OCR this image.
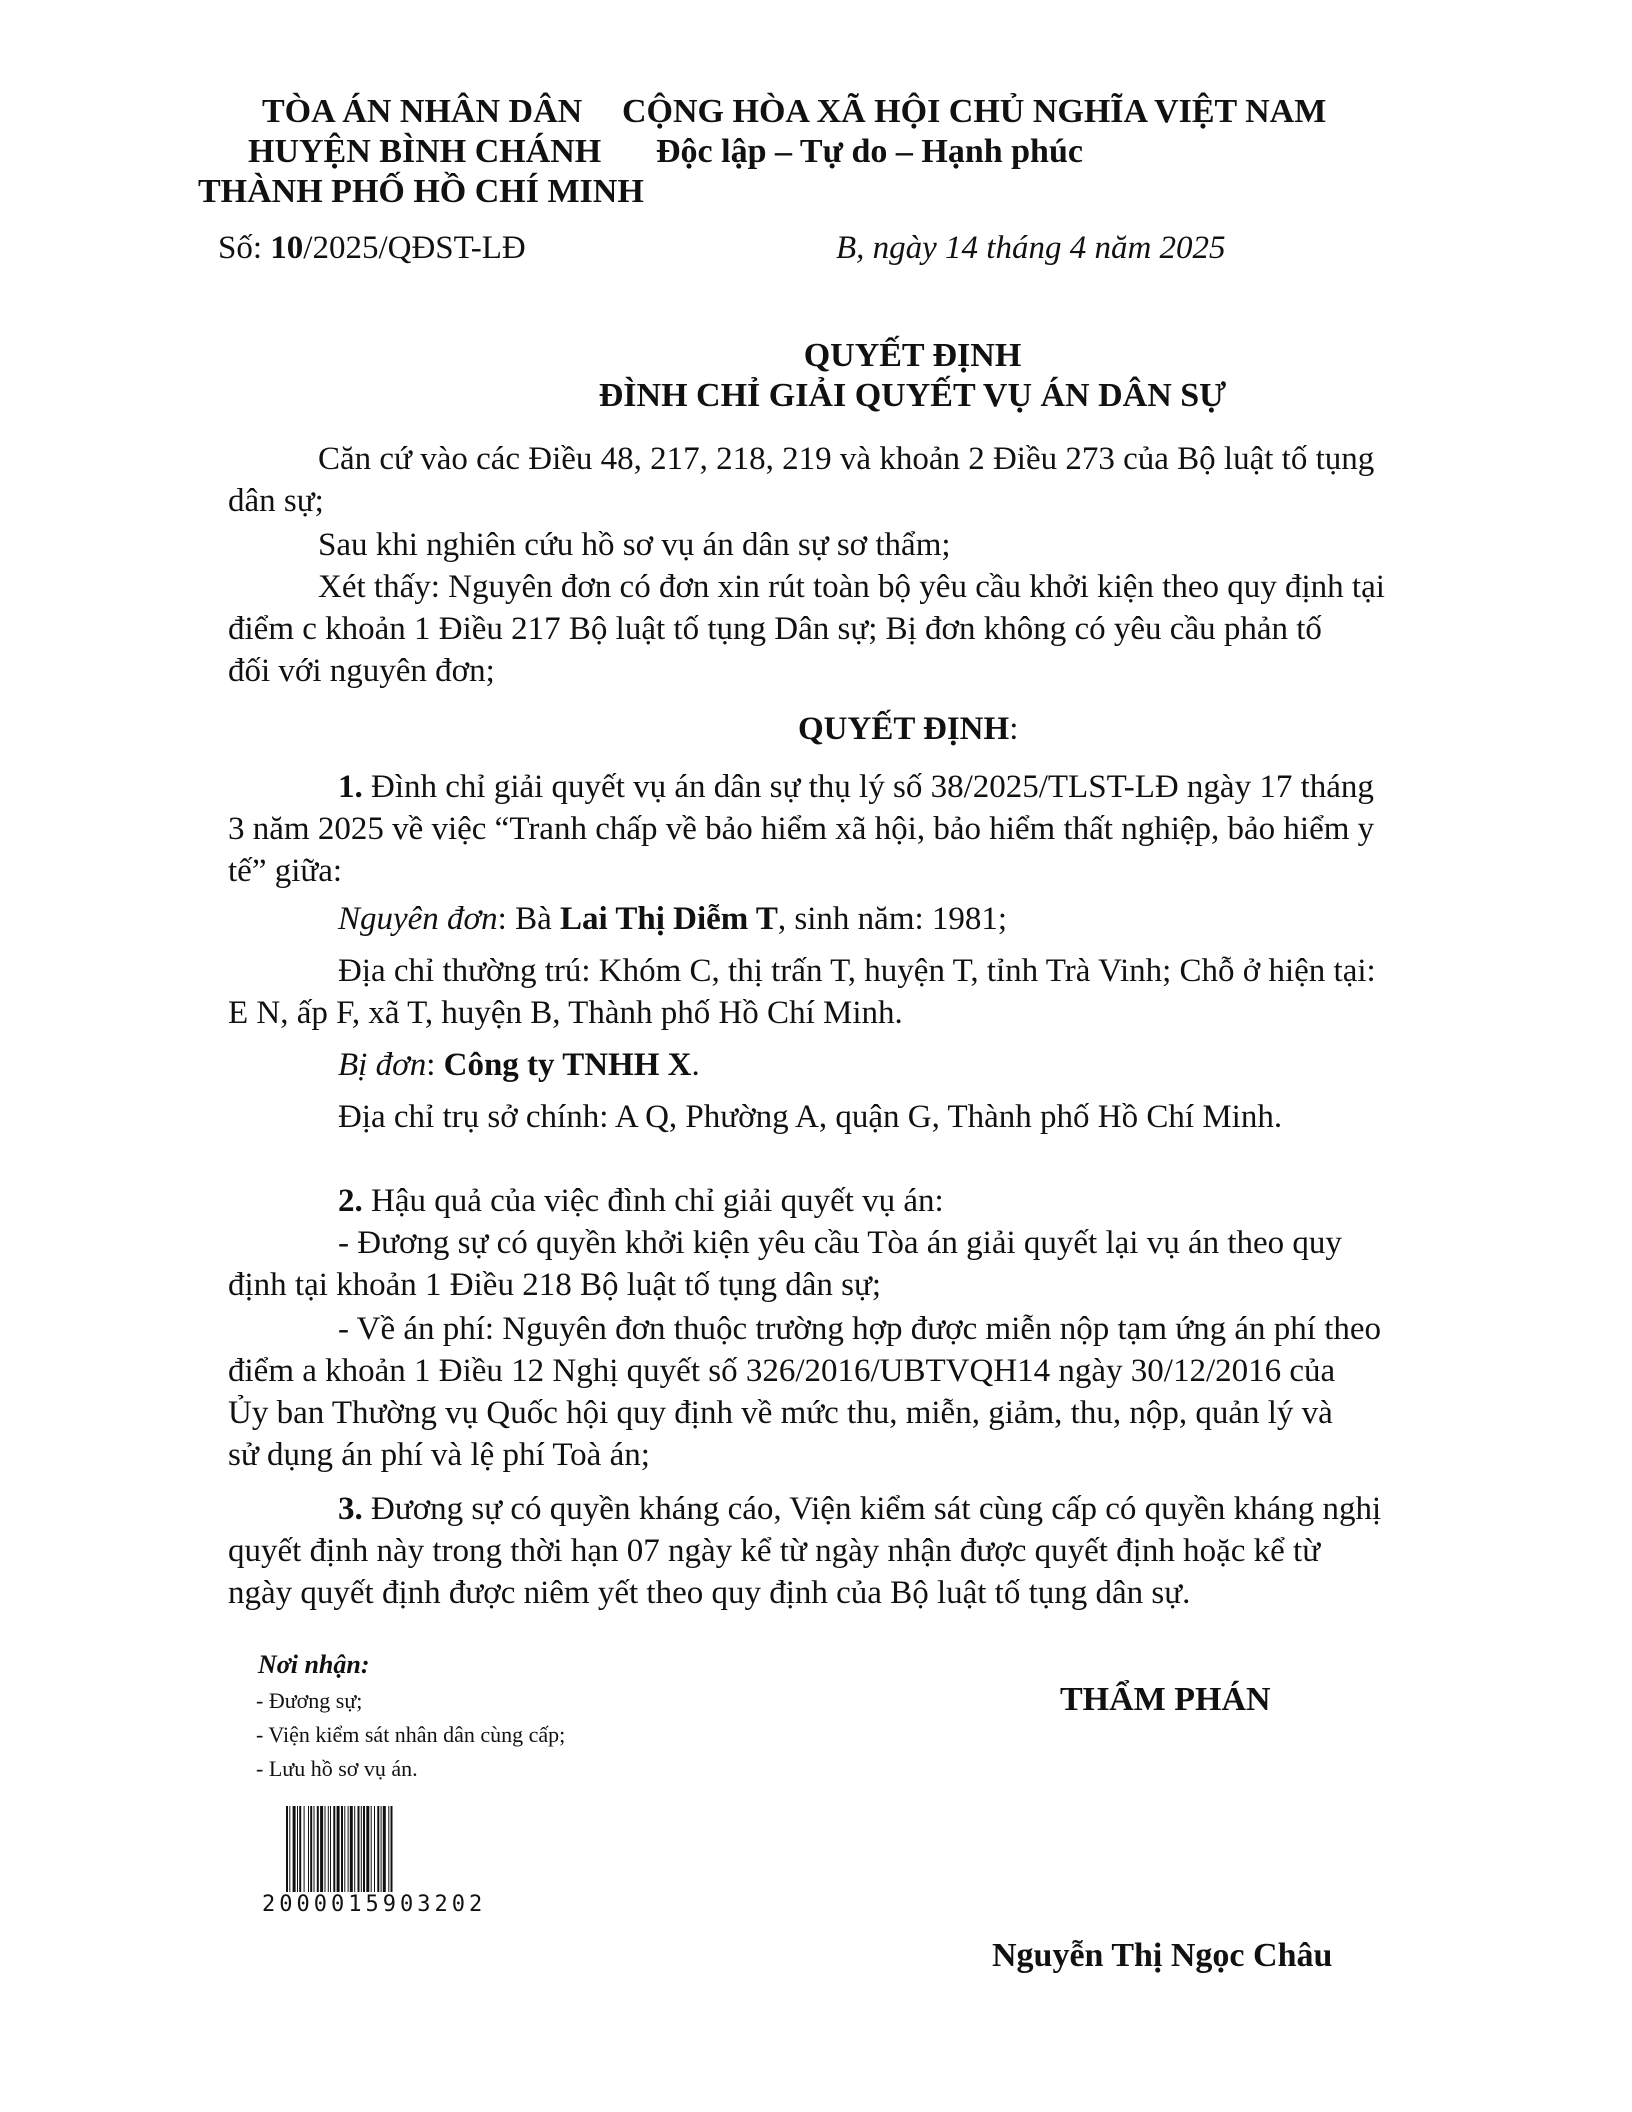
TÒA ÁN NHÂN DÂN
HUYỆN BÌNH CHÁNH
THÀNH PHỐ HỒ CHÍ MINH
CỘNG HÒA XÃ HỘI CHỦ NGHĨA VIỆT NAM
Độc lập – Tự do – Hạnh phúc
Số: 10/2025/QĐST-LĐ	B, ngày 14 tháng 4 năm 2025
QUYẾT ĐỊNH
ĐÌNH CHỈ GIẢI QUYẾT VỤ ÁN DÂN SỰ
Căn cứ vào các Điều 48, 217, 218, 219 và khoản 2 Điều 273 của Bộ luật tố tụng
dân sự;
Sau khi nghiên cứu hồ sơ vụ án dân sự sơ thẩm;
Xét thấy: Nguyên đơn có đơn xin rút toàn bộ yêu cầu khởi kiện theo quy định tại
điểm c khoản 1 Điều 217 Bộ luật tố tụng Dân sự; Bị đơn không có yêu cầu phản tố
đối với nguyên đơn;
QUYẾT ĐỊNH:
1. Đình chỉ giải quyết vụ án dân sự thụ lý số 38/2025/TLST-LĐ ngày 17 tháng
3 năm 2025 về việc “Tranh chấp về bảo hiểm xã hội, bảo hiểm thất nghiệp, bảo hiểm y
tế” giữa:
Nguyên đơn: Bà Lai Thị Diễm T, sinh năm: 1981;
Địa chỉ thường trú: Khóm C, thị trấn T, huyện T, tỉnh Trà Vinh; Chỗ ở hiện tại:
E N, ấp F, xã T, huyện B, Thành phố Hồ Chí Minh.
Bị đơn: Công ty TNHH X.
Địa chỉ trụ sở chính: A Q, Phường A, quận G, Thành phố Hồ Chí Minh.
2. Hậu quả của việc đình chỉ giải quyết vụ án:
- Đương sự có quyền khởi kiện yêu cầu Tòa án giải quyết lại vụ án theo quy
định tại khoản 1 Điều 218 Bộ luật tố tụng dân sự;
- Về án phí: Nguyên đơn thuộc trường hợp được miễn nộp tạm ứng án phí theo
điểm a khoản 1 Điều 12 Nghị quyết số 326/2016/UBTVQH14 ngày 30/12/2016 của
Ủy ban Thường vụ Quốc hội quy định về mức thu, miễn, giảm, thu, nộp, quản lý và
sử dụng án phí và lệ phí Toà án;
3. Đương sự có quyền kháng cáo, Viện kiểm sát cùng cấp có quyền kháng nghị
quyết định này trong thời hạn 07 ngày kể từ ngày nhận được quyết định hoặc kể từ
ngày quyết định được niêm yết theo quy định của Bộ luật tố tụng dân sự.
Nơi nhận:
- Đương sự;
- Viện kiểm sát nhân dân cùng cấp;
- Lưu hồ sơ vụ án.
2000015903202
THẨM PHÁN
Nguyễn Thị Ngọc Châu
